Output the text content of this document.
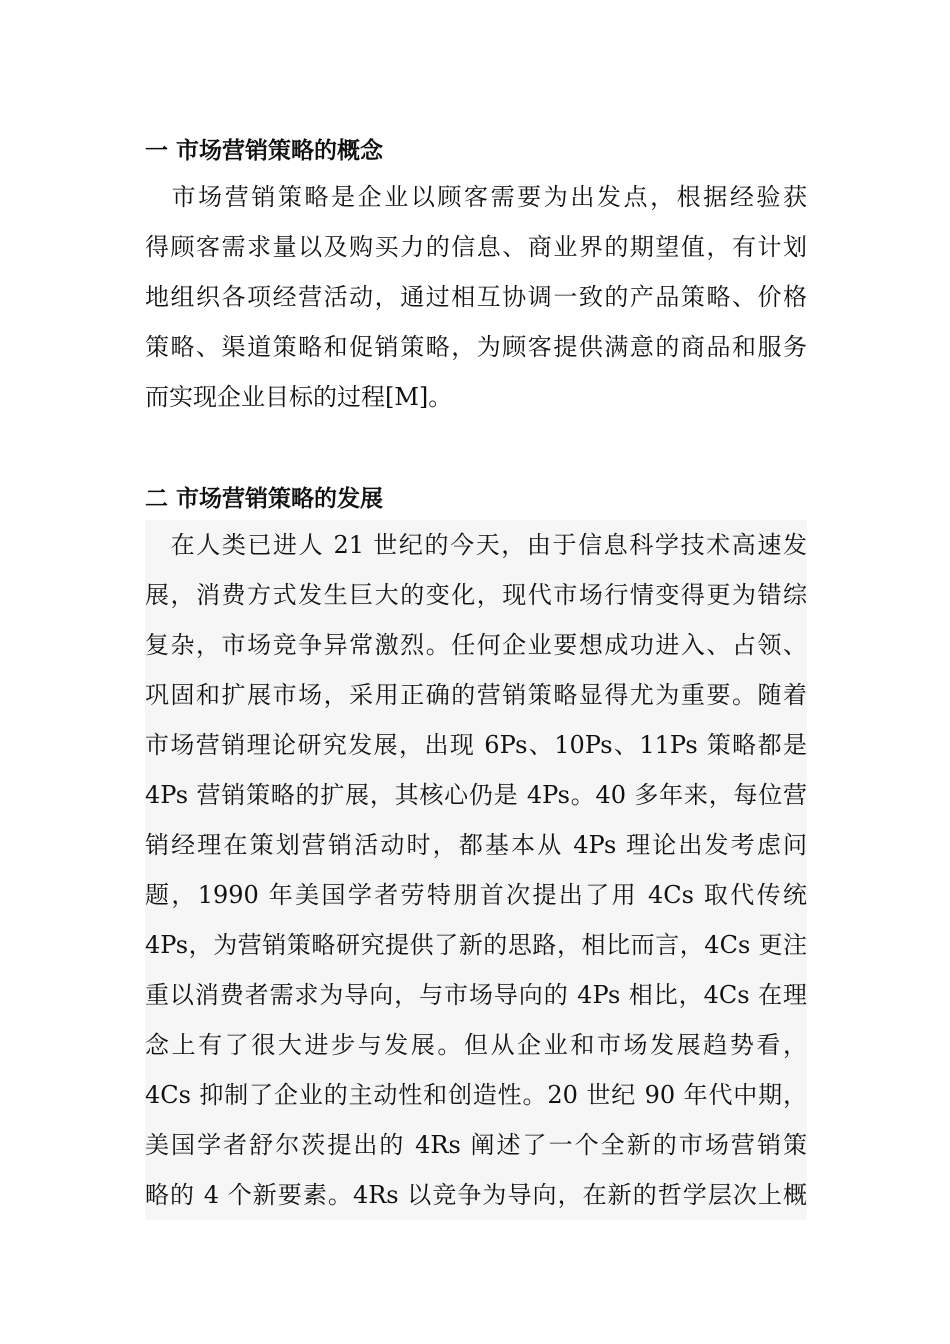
一 市场营销策略的概念
　市场营销策略是企业以顾客需要为出发点，根据经验获
得顾客需求量以及购买力的信息、商业界的期望值，有计划
地组织各项经营活动，通过相互协调一致的产品策略、价格
策略、渠道策略和促销策略，为顾客提供满意的商品和服务
而实现企业目标的过程[M]。
二 市场营销策略的发展
　在人类已进人 21 世纪的今天，由于信息科学技术高速发
展，消费方式发生巨大的变化，现代市场行情变得更为错综
复杂，市场竞争异常激烈。任何企业要想成功进入、占领、
巩固和扩展市场，采用正确的营销策略显得尤为重要。随着
市场营销理论研究发展，出现 6Ps、10Ps、11Ps 策略都是
4Ps 营销策略的扩展，其核心仍是 4Ps。40 多年来，每位营
销经理在策划营销活动时，都基本从 4Ps 理论出发考虑问
题，1990 年美国学者劳特朋首次提出了用 4Cs 取代传统
4Ps，为营销策略研究提供了新的思路，相比而言，4Cs 更注
重以消费者需求为导向，与市场导向的 4Ps 相比，4Cs 在理
念上有了很大进步与发展。但从企业和市场发展趋势看，
4Cs 抑制了企业的主动性和创造性。20 世纪 90 年代中期，
美国学者舒尔茨提出的 4Rs 阐述了一个全新的市场营销策
略的 4 个新要素。4Rs 以竞争为导向，在新的哲学层次上概
